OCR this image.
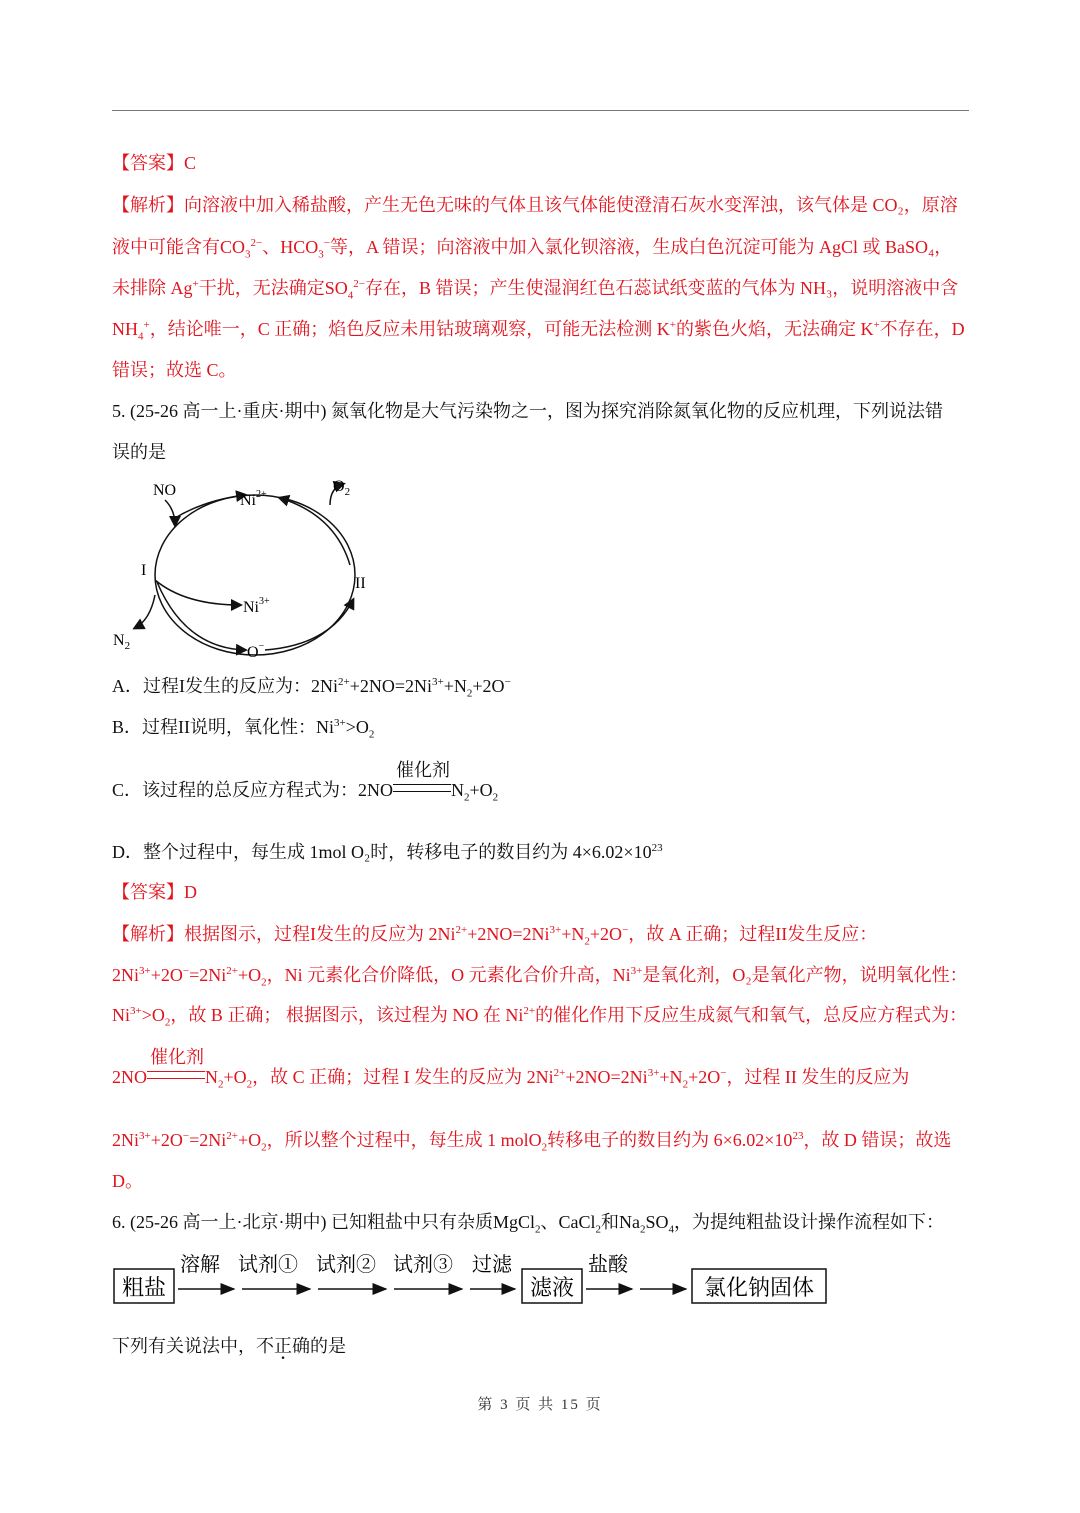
【答案】C
【解析】向溶液中加入稀盐酸，产生无色无味的气体且该气体能使澄清石灰水变浑浊，该气体是 CO₂，原溶
液中可能含有$CO_3^{2-}$、$HCO_3^-$等，A 错误；向溶液中加入氯化钡溶液，生成白色沉淀可能为 AgCl 或 BaSO₄，
未排除 Ag+干扰，无法确定$SO_4^{2-}$存在，B 错误；产生使湿润红色石蕊试纸变蓝的气体为 NH₃，说明溶液中含
$NH_4^+$，结论唯一，C 正确；焰色反应未用钴玻璃观察，可能无法检测 K+的紫色火焰，无法确定 K+不存在，D
错误；故选 C。
5. (25-26 高一上·重庆·期中) 氮氧化物是大气污染物之一，图为探究消除氮氧化物的反应机理，下列说法错
误的是
NO	$O_2$
$Ni^{2+}$
$Ni^{3+}$
$N_2$	O−
I
II
A．过程I发生的反应为：$2Ni^{2+}+2NO=2Ni^{3+}+N_2+2O^-$
B．过程II说明，氧化性：$Ni^{3+}>O_2$
C．该过程的总反应方程式为：2NO
催化剂
$N_2+O_2$
D．整个过程中，每生成 1mol O₂时，转移电子的数目约为 $4\times 6.02\times 10^{23}$
【答案】D
【解析】根据图示，过程I发生的反应为 $2Ni^{2+}+2NO=2Ni^{3+}+N_2+2O^-$，故 A 正确；过程II发生反应：
$2Ni^{3+}+2O^-=2Ni^{2+}+O_2$，Ni 元素化合价降低，O 元素化合价升高，$Ni^{3+}$是氧化剂，O₂是氧化产物，说明氧化性：
$Ni^{3+}>O_2$，故 B 正确； 根据图示，该过程为 NO 在 $Ni^{2+}$的催化作用下反应生成氮气和氧气，总反应方程式为：
2NO
催化剂
$N_2+O_2$，故 C 正确；过程 I 发生的反应为 $2Ni^{2+}+2NO=2Ni^{3+}+N_2+2O^-$，过程 II 发生的反应为
$2Ni^{3+}+2O^-=2Ni^{2+}+O_2$，所以整个过程中，每生成 1 molO$_2$转移电子的数目约为 $6\times 6.02\times 10^{23}$，故 D 错误；故选
D。
6. (25-26 高一上·北京·期中) 已知粗盐中只有杂质MgCl$_2$、CaCl$_2$和$Na_2SO_4$，为提纯粗盐设计操作流程如下：
粗盐
溶解 试剂① 试剂② 试剂③ 过滤
滤液
盐酸
氯化钠固体
下列有关说法中，不正确的是
第 3 页 共 15 页
